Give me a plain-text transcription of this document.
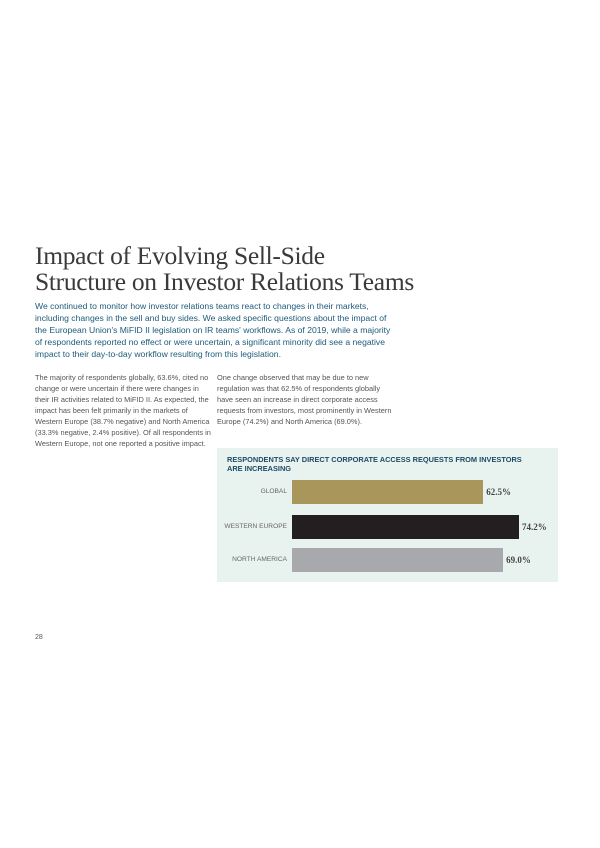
Impact of Evolving Sell-Side Structure on Investor Relations Teams

We continued to monitor how investor relations teams react to changes in their markets, including changes in the sell and buy sides. We asked specific questions about the impact of the European Union's MiFID II legislation on IR teams' workflows. As of 2019, while a majority of respondents reported no effect or were uncertain, a significant minority did see a negative impact to their day-to-day workflow resulting from this legislation.

The majority of respondents globally, 63.6%, cited no change or were uncertain if there were changes in their IR activities related to MiFID II. As expected, the impact has been felt primarily in the markets of Western Europe (38.7% negative) and North America (33.3% negative, 2.4% positive). Of all respondents in Western Europe, not one reported a positive impact.

One change observed that may be due to new regulation was that 62.5% of respondents globally have seen an increase in direct corporate access requests from investors, most prominently in Western Europe (74.2%) and North America (69.0%).

RESPONDENTS SAY DIRECT CORPORATE ACCESS REQUESTS FROM INVESTORS ARE INCREASING

GLOBAL	62.5%
WESTERN EUROPE	74.2%
NORTH AMERICA	69.0%
28
